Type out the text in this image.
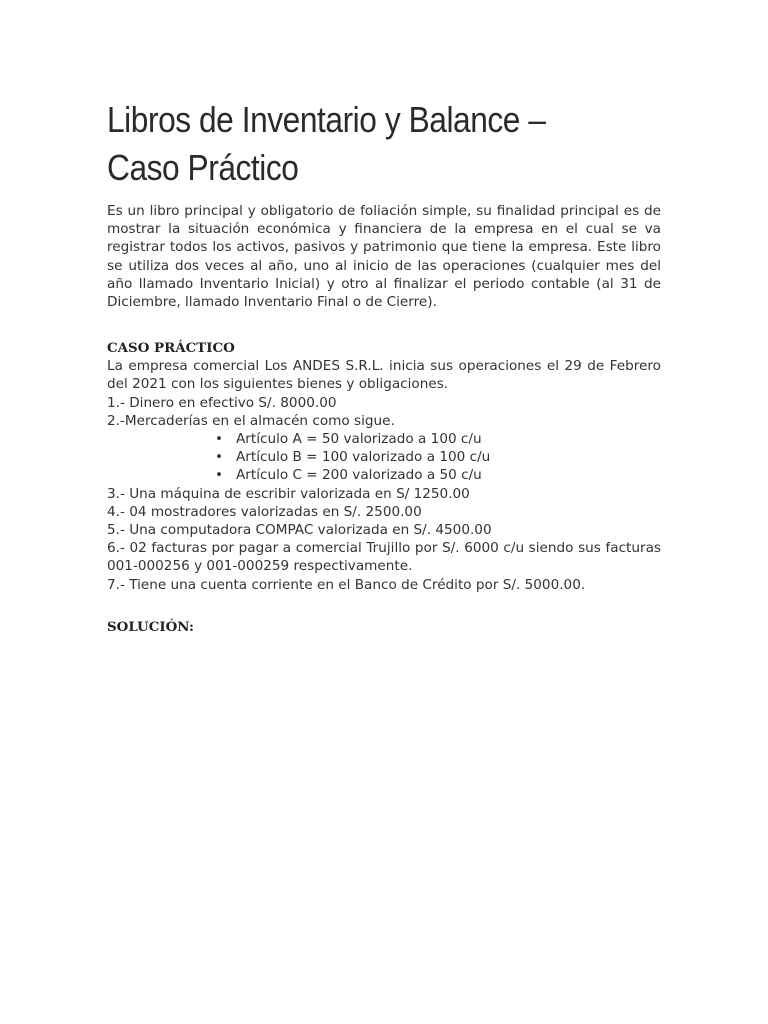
Libros de Inventario y Balance –
Caso Práctico

Es un libro principal y obligatorio de foliación simple, su finalidad principal es de mostrar la situación económica y financiera de la empresa en el cual se va registrar todos los activos, pasivos y patrimonio que tiene la empresa. Este libro se utiliza dos veces al año, uno al inicio de las operaciones (cualquier mes del año llamado Inventario Inicial) y otro al finalizar el periodo contable (al 31 de Diciembre, llamado Inventario Final o de Cierre).

CASO PRÁCTICO

La empresa comercial Los ANDES S.R.L. inicia sus operaciones el 29 de Febrero del 2021 con los siguientes bienes y obligaciones.

1.- Dinero en efectivo S/. 8000.00

2.-Mercaderías en el almacén como sigue.

• Artículo A = 50 valorizado a 100 c/u
• Artículo B = 100 valorizado a 100 c/u
• Artículo C = 200 valorizado a 50 c/u

3.- Una máquina de escribir valorizada en S/ 1250.00

4.- 04 mostradores valorizadas en S/. 2500.00

5.- Una computadora COMPAC valorizada en S/. 4500.00

6.- 02 facturas por pagar a comercial Trujillo por S/. 6000 c/u siendo sus facturas 001-000256 y 001-000259 respectivamente.

7.- Tiene una cuenta corriente en el Banco de Crédito por S/. 5000.00.

SOLUCIÓN:
